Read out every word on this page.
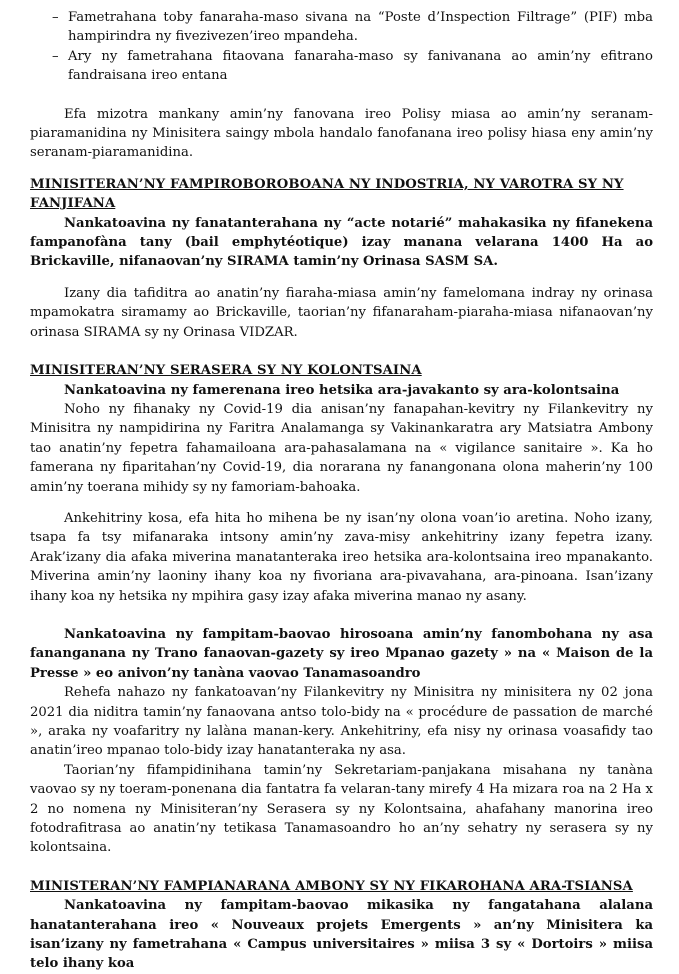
– Fametrahana toby fanaraha-maso sivana na “Poste d’Inspection Filtrage” (PIF) mba hampirindra ny fivezivezen’ireo mpandeha.
– Ary ny fametrahana fitaovana fanaraha-maso sy fanivanana ao amin’ny efitrano fandraisana ireo entana

Efa mizotra mankany amin’ny fanovana ireo Polisy miasa ao amin’ny seranam-piaramanidina ny Minisitera saingy mbola handalo fanofanana ireo polisy hiasa eny amin’ny seranam-piaramanidina.

MINISITERAN’NY FAMPIROBOROBOANA NY INDOSTRIA, NY VAROTRA SY NY FANJIFANA

Nankatoavina ny fanatanterahana ny “acte notarié” mahakasika ny fifanekena fampanofàna tany (bail emphytéotique) izay manana velarana 1400 Ha ao Brickaville, nifanaovan’ny SIRAMA tamin’ny Orinasa SASM SA.

Izany dia tafiditra ao anatin’ny fiaraha-miasa amin’ny famelomana indray ny orinasa mpamokatra siramamy ao Brickaville, taorian’ny fifanaraham-piaraha-miasa nifanaovan’ny orinasa SIRAMA sy ny Orinasa VIDZAR.

MINISITERAN’NY SERASERA SY NY KOLONTSAINA

Nankatoavina ny famerenana ireo hetsika ara-javakanto sy ara-kolontsaina

Noho ny fihanaky ny Covid-19 dia anisan’ny fanapahan-kevitry ny Filankevitry ny Minisitra ny nampidirina ny Faritra Analamanga sy Vakinankaratra ary Matsiatra Ambony tao anatin’ny fepetra fahamailoana ara-pahasalamana na « vigilance sanitaire ». Ka ho famerana ny fiparitahan’ny Covid-19, dia norarana ny fanangonana olona maherin’ny 100 amin’ny toerana mihidy sy ny famoriam-bahoaka.

Ankehitriny kosa, efa hita ho mihena be ny isan’ny olona voan’io aretina. Noho izany, tsapa fa tsy mifanaraka intsony amin’ny zava-misy ankehitriny izany fepetra izany. Arak’izany dia afaka miverina manatanteraka ireo hetsika ara-kolontsaina ireo mpanakanto. Miverina amin’ny laoniny ihany koa ny fivoriana ara-pivavahana, ara-pinoana. Isan’izany ihany koa ny hetsika ny mpihira gasy izay afaka miverina manao ny asany.

Nankatoavina ny fampitam-baovao hirosoana amin’ny fanombohana ny asa fananganana ny Trano fanaovan-gazety sy ireo Mpanao gazety » na « Maison de la Presse » eo anivon’ny tanàna vaovao Tanamasoandro

Rehefa nahazo ny fankatoavan’ny Filankevitry ny Minisitra ny minisitera ny 02 jona 2021 dia niditra tamin’ny fanaovana antso tolo-bidy na « procédure de passation de marché », araka ny voafaritry ny lalàna manan-kery. Ankehitriny, efa nisy ny orinasa voasafidy tao anatin’ireo mpanao tolo-bidy izay hanatanteraka ny asa.

Taorian’ny fifampidinihana tamin’ny Sekretariam-panjakana misahana ny tanàna vaovao sy ny toeram-ponenana dia fantatra fa velaran-tany mirefy 4 Ha mizara roa na 2 Ha x 2 no nomena ny Minisiteran’ny Serasera sy ny Kolontsaina, ahafahany manorina ireo fotodrafitrasa ao anatin’ny tetikasa Tanamasoandro ho an’ny sehatry ny serasera sy ny kolontsaina.

MINISTERAN’NY FAMPIANARANA AMBONY SY NY FIKAROHANA ARA-TSIANSA

Nankatoavina ny fampitam-baovao mikasika ny fangatahana alalana hanatanterahana ireo « Nouveaux projets Emergents » an’ny Minisitera ka isan’izany ny fametrahana « Campus universitaires » miisa 3 sy « Dortoirs » miisa telo ihany koa
